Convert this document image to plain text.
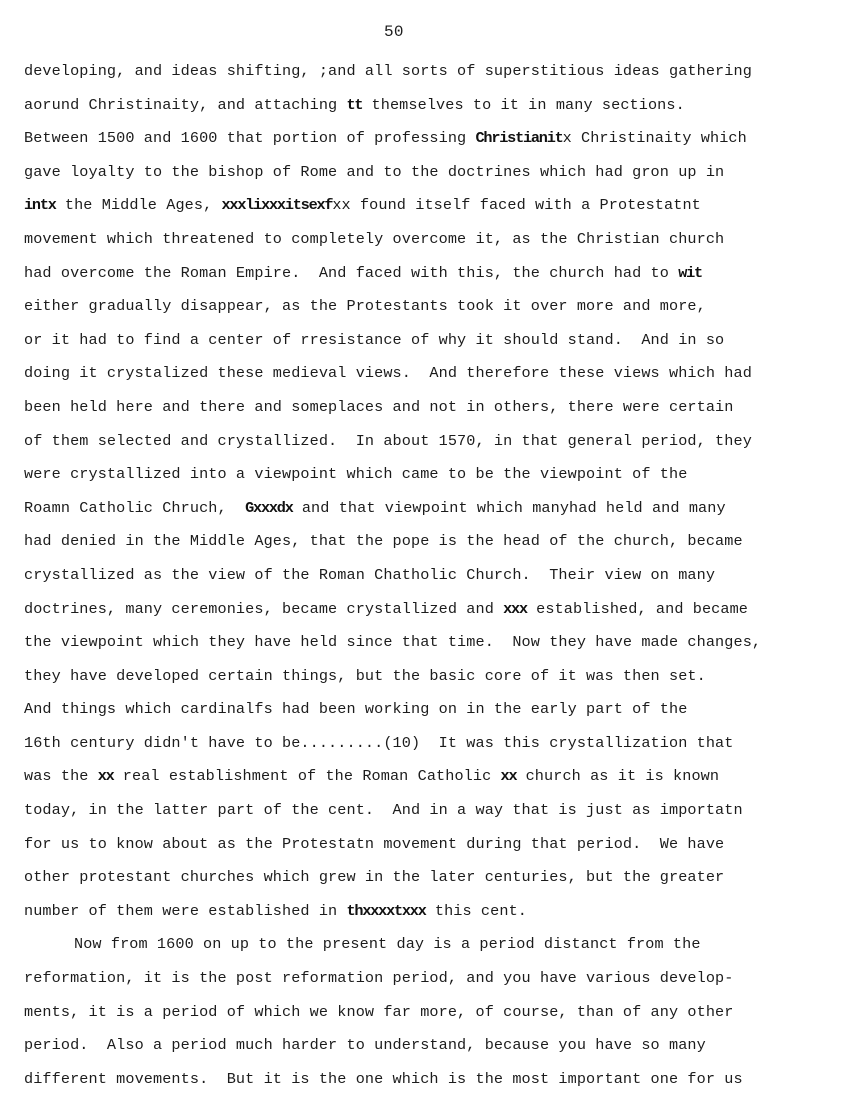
50
developing, and ideas shifting, ;and all sorts of superstitious ideas gathering
aorund Christinaity, and attaching tt themselves to it in many sections.
Between 1500 and 1600 that portion of professing Christianitx Christinaity which
gave loyalty to the bishop of Rome and to the doctrines which had gron up in
intx the Middle Ages, xxxlixxxitsexfxx found itself faced with a Protestatnt
movement which threatened to completely overcome it, as the Christian church
had overcome the Roman Empire.  And faced with this, the church had to wit
either gradually disappear, as the Protestants took it over more and more,
or it had to find a center of rresistance of why it should stand.  And in so
doing it crystalized these medieval views.  And therefore these views which had
been held here and there and someplaces and not in others, there were certain
of them selected and crystallized.  In about 1570, in that general period, they
were crystallized into a viewpoint which came to be the viewpoint of the
Roamn Catholic Chruch,  Gxxxdx and that viewpoint which manyhad held and many
had denied in the Middle Ages, that the pope is the head of the church, became
crystallized as the view of the Roman Chatholic Church.  Their view on many
doctrines, many ceremonies, became crystallized and xxx established, and became
the viewpoint which they have held since that time.  Now they have made changes,
they have developed certain things, but the basic core of it was then set.
And things which cardinalfs had been working on in the early part of the
16th century didn't have to be.........(10)  It was this crystallization that
was the xx real establishment of the Roman Catholic xx church as it is known
today, in the latter part of the cent.  And in a way that is just as importatn
for us to know about as the Protestatn movement during that period.  We have
other protestant churches which grew in the later centuries, but the greater
number of them were established in thxxxxtxxx this cent.
Now from 1600 on up to the present day is a period distanct from the
reformation, it is the post reformation period, and you have various develop-
ments, it is a period of which we know far more, of course, than of any other
period.  Also a period much harder to understand, because you have so many
different movements.  But it is the one which is the most important one for us
